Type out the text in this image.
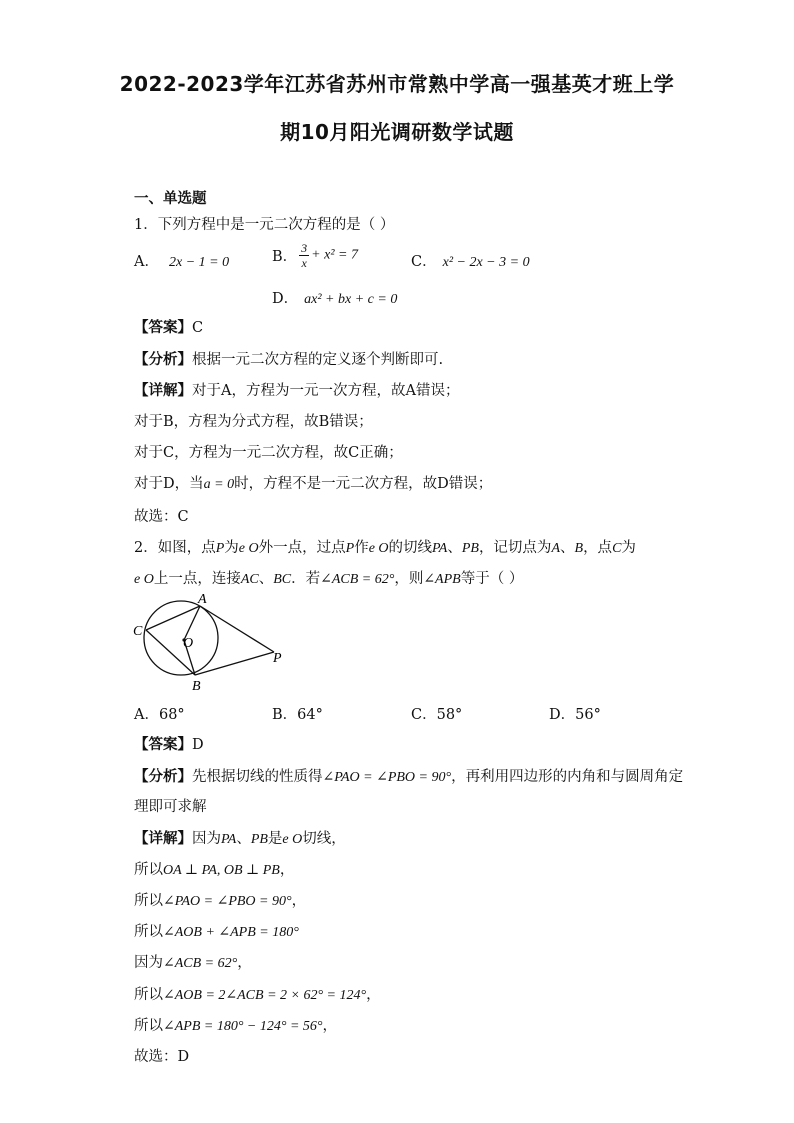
2022-2023学年江苏省苏州市常熟中学高一强基英才班上学
期10月阳光调研数学试题
一、单选题
1．下列方程中是一元二次方程的是（ ）
A． 2x − 1 = 0	B． $\frac{3}{x} + x^2 = 7$	C． x² − 2x − 3 = 0
D． ax² + bx + c = 0
【答案】C
【分析】根据一元二次方程的定义逐个判断即可.
【详解】对于A，方程为一元一次方程，故A错误；
对于B，方程为分式方程，故B错误；
对于C，方程为一元二次方程，故C正确；
对于D，当a = 0时，方程不是一元二次方程，故D错误；
故选：C
2．如图，点P为e O外一点，过点P作e O的切线PA、PB，记切点为A、B，点C为
e O上一点，连接AC、BC．若∠ACB = 62°，则∠APB等于（ ）
A
C
O
P
B
A．68°	B．64°	C．58°	D．56°
【答案】D
【分析】先根据切线的性质得∠PAO = ∠PBO = 90°，再利用四边形的内角和与圆周角定
理即可求解
【详解】因为PA、PB是e O切线，
所以OA ⊥ PA, OB ⊥ PB，
所以∠PAO = ∠PBO = 90°，
所以∠AOB + ∠APB = 180°
因为∠ACB = 62°，
所以∠AOB = 2∠ACB = 2 × 62° = 124°，
所以∠APB = 180° − 124° = 56°，
故选：D
